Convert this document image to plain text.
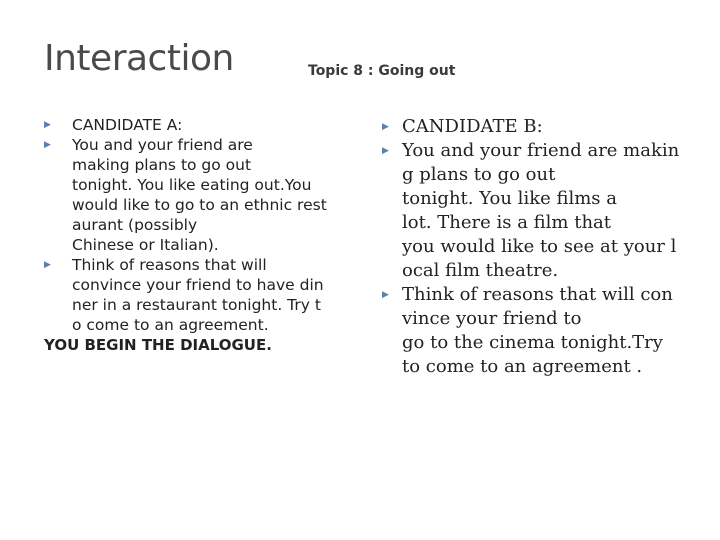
Interaction	Topic 8 : Going out
▶ CANDIDATE A:
▶ You and your friend are
making plans to go out
tonight. You like eating out.You
would like to go to an ethnic rest
aurant (possibly
Chinese or Italian).
▶ Think of reasons that will
convince your friend to have din
ner in a restaurant tonight. Try t
o come to an agreement.
YOU BEGIN THE DIALOGUE.
▶ CANDIDATE B:
▶ You and your friend are makin
g plans to go out
tonight. You like films a
lot. There is a film that
you would like to see at your l
ocal film theatre.
▶ Think of reasons that will con
vince your friend to
go to the cinema tonight.Try
to come to an agreement .
